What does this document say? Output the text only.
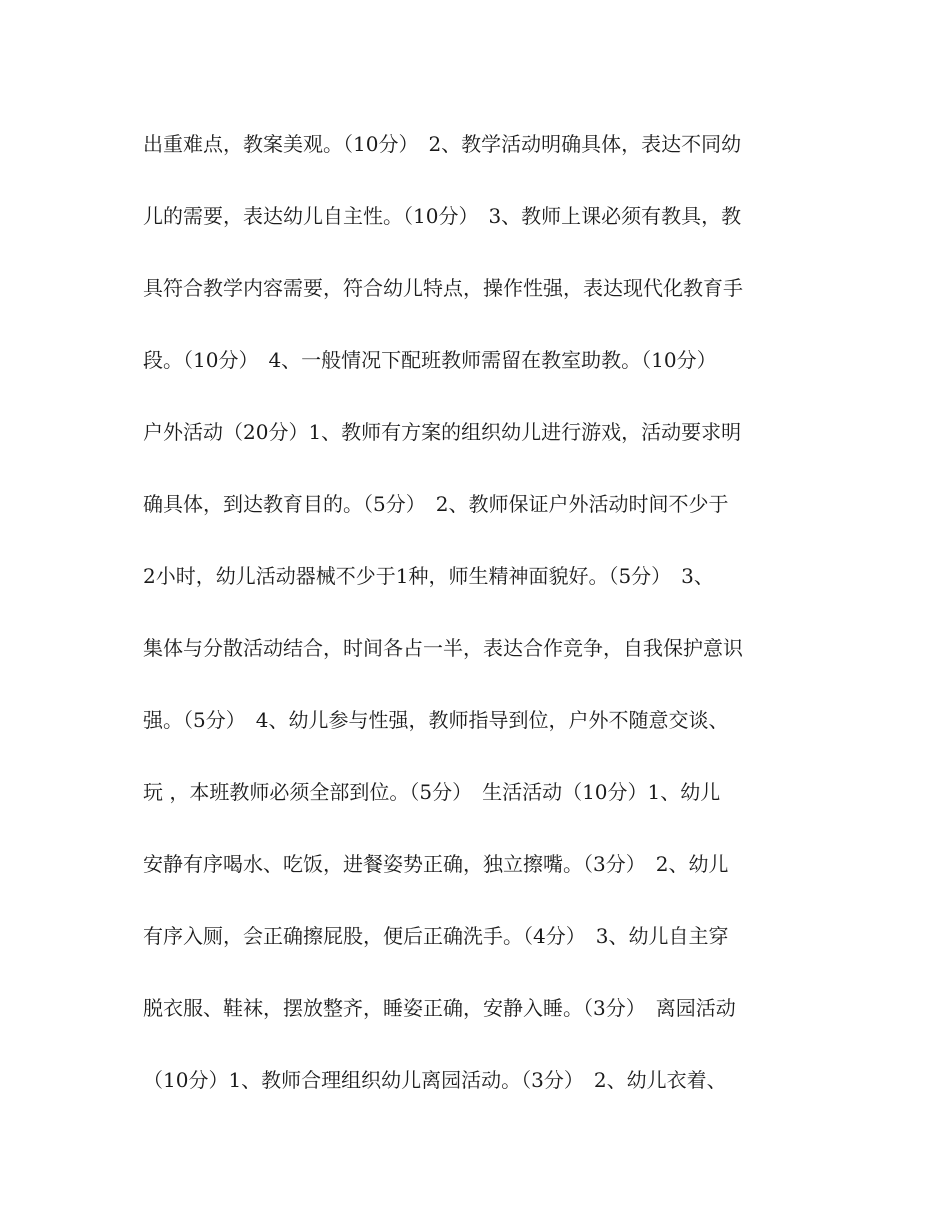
出重难点，教案美观。（10分）　2、教学活动明确具体，表达不同幼
儿的需要，表达幼儿自主性。（10分）　3、教师上课必须有教具，教
具符合教学内容需要，符合幼儿特点，操作性强，表达现代化教育手
段。（10分）　4、一般情况下配班教师需留在教室助教。（10分）
户外活动（20分）1、教师有方案的组织幼儿进行游戏，活动要求明
确具体，到达教育目的。（5分）　2、教师保证户外活动时间不少于
2小时，幼儿活动器械不少于1种，师生精神面貌好。（5分）　3、
集体与分散活动结合，时间各占一半，表达合作竞争，自我保护意识
强。（5分）　4、幼儿参与性强，教师指导到位，户外不随意交谈、
玩 ，本班教师必须全部到位。（5分）　生活活动（10分）1、幼儿
安静有序喝水、吃饭，进餐姿势正确，独立擦嘴。（3分）　2、幼儿
有序入厕，会正确擦屁股，便后正确洗手。（4分）　3、幼儿自主穿
脱衣服、鞋袜，摆放整齐，睡姿正确，安静入睡。（3分）　离园活动
（10分）1、教师合理组织幼儿离园活动。（3分）　2、幼儿衣着、
